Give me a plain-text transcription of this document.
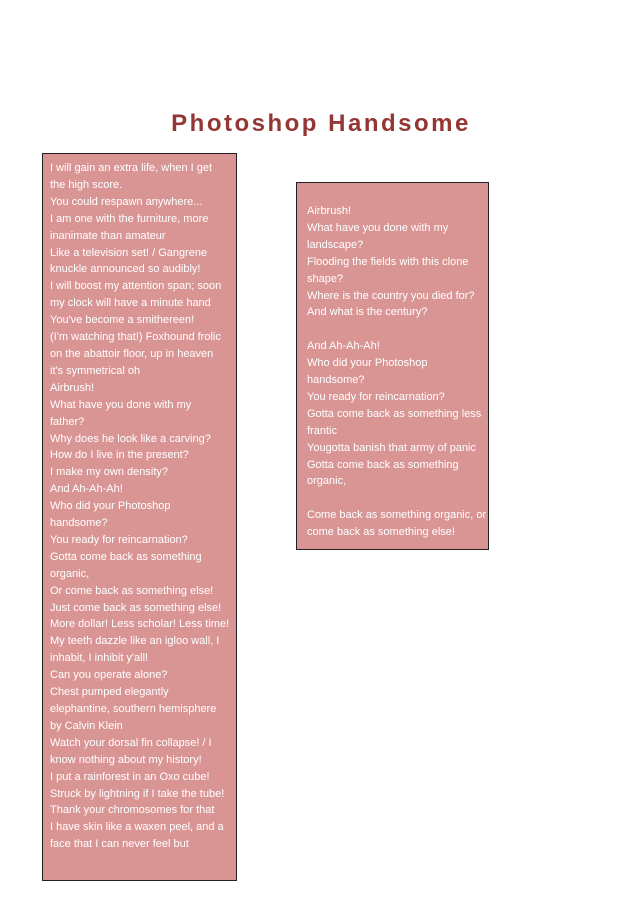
Photoshop Handsome
I will gain an extra life, when I get
the high score.
You could respawn anywhere...
I am one with the furniture, more
inanimate than amateur
Like a television set! / Gangrene
knuckle announced so audibly!
I will boost my attention span; soon
my clock will have a minute hand
You've become a smithereen!
(I'm watching that!) Foxhound frolic
on the abattoir floor, up in heaven
it's symmetrical oh
Airbrush!
What have you done with my
father?
Why does he look like a carving?
How do I live in the present?
I make my own density?
And Ah-Ah-Ah!
Who did your Photoshop
handsome?
You ready for reincarnation?
Gotta come back as something
organic,
Or come back as something else!
Just come back as something else!
More dollar! Less scholar! Less time!
My teeth dazzle like an igloo wall, I
inhabit, I inhibit y'all!
Can you operate alone?
Chest pumped elegantly
elephantine, southern hemisphere
by Calvin Klein
Watch your dorsal fin collapse! / I
know nothing about my history!
I put a rainforest in an Oxo cube!
Struck by lightning if I take the tube!
Thank your chromosomes for that
I have skin like a waxen peel, and a
face that I can never feel but
Airbrush!
What have you done with my
landscape?
Flooding the fields with this clone
shape?
Where is the country you died for?
And what is the century?
And Ah-Ah-Ah!
Who did your Photoshop
handsome?
You ready for reincarnation?
Gotta come back as something less
frantic
Yougotta banish that army of panic
Gotta come back as something
organic,
Come back as something organic, or
come back as something else!
